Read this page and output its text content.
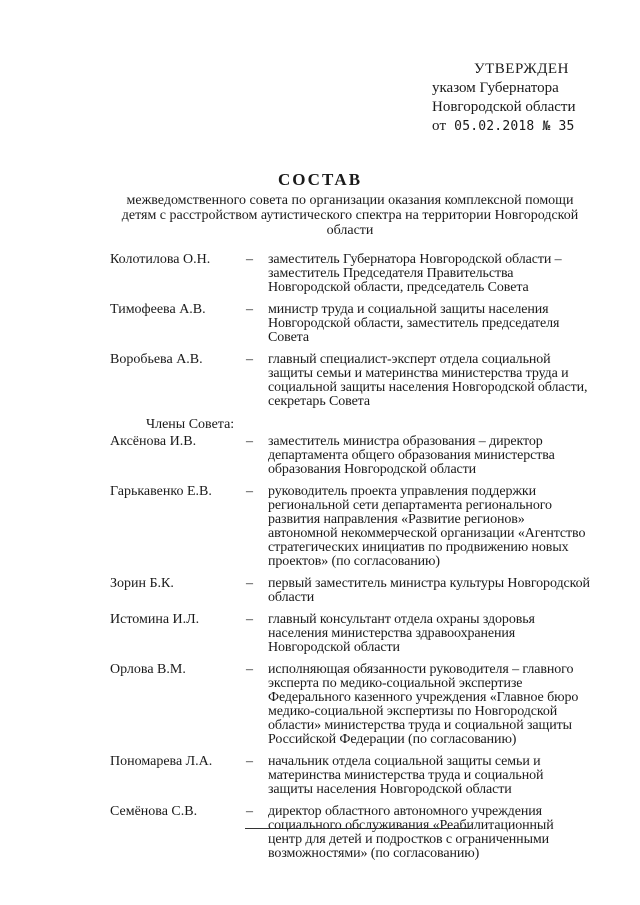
УТВЕРЖДЕН
указом Губернатора
Новгородской области
от 05.02.2018 № 35
СОСТАВ
межведомственного совета по организации оказания комплексной помощи детям с расстройством аутистического спектра на территории Новгородской области
Колотилова О.Н.	–	заместитель Губернатора Новгородской области – заместитель Председателя Правительства Новгородской области, председатель Совета
Тимофеева А.В.	–	министр труда и социальной защиты населения Новгородской области, заместитель председателя Совета
Воробьева А.В.	–	главный специалист-эксперт отдела социальной защиты семьи и материнства министерства труда и социальной защиты населения Новгородской области, секретарь Совета
Члены Совета:
Аксёнова И.В.	–	заместитель министра образования – директор департамента общего образования министерства образования Новгородской области
Гарькавенко Е.В.	–	руководитель проекта управления поддержки региональной сети департамента регионального развития направления «Развитие регионов» автономной некоммерческой организации «Агентство стратегических инициатив по продвижению новых проектов» (по согласованию)
Зорин Б.К.	–	первый заместитель министра культуры Новгородской области
Истомина И.Л.	–	главный консультант отдела охраны здоровья населения министерства здравоохранения Новгородской области
Орлова В.М.	–	исполняющая обязанности руководителя – главного эксперта по медико-социальной экспертизе Федерального казенного учреждения «Главное бюро медико-социальной экспертизы по Новгородской области» министерства труда и социальной защиты Российской Федерации (по согласованию)
Пономарева Л.А.	–	начальник отдела социальной защиты семьи и материнства министерства труда и социальной защиты населения Новгородской области
Семёнова С.В.	–	директор областного автономного учреждения социального обслуживания «Реабилитационный центр для детей и подростков с ограниченными возможностями» (по согласованию)
